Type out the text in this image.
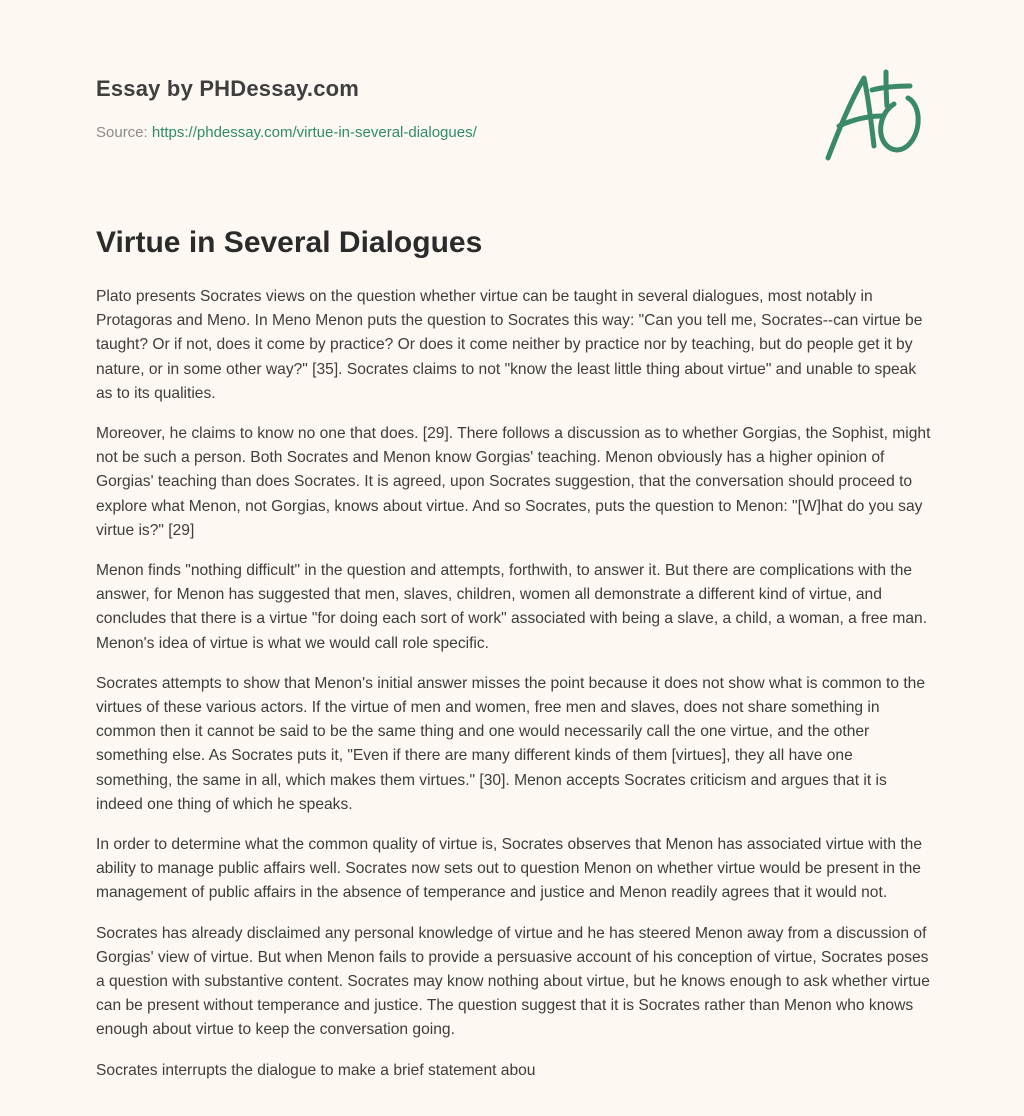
Essay by PHDessay.com
Source: https://phdessay.com/virtue-in-several-dialogues/
Virtue in Several Dialogues

Plato presents Socrates views on the question whether virtue can be taught in several dialogues, most notably in Protagoras and Meno. In Meno Menon puts the question to Socrates this way: "Can you tell me, Socrates--can virtue be taught? Or if not, does it come by practice? Or does it come neither by practice nor by teaching, but do people get it by nature, or in some other way?" [35]. Socrates claims to not "know the least little thing about virtue" and unable to speak as to its qualities.

Moreover, he claims to know no one that does. [29]. There follows a discussion as to whether Gorgias, the Sophist, might not be such a person. Both Socrates and Menon know Gorgias' teaching. Menon obviously has a higher opinion of Gorgias' teaching than does Socrates. It is agreed, upon Socrates suggestion, that the conversation should proceed to explore what Menon, not Gorgias, knows about virtue. And so Socrates, puts the question to Menon: "[W]hat do you say virtue is?" [29]

Menon finds "nothing difficult" in the question and attempts, forthwith, to answer it. But there are complications with the answer, for Menon has suggested that men, slaves, children, women all demonstrate a different kind of virtue, and concludes that there is a virtue "for doing each sort of work" associated with being a slave, a child, a woman, a free man. Menon's idea of virtue is what we would call role specific.

Socrates attempts to show that Menon's initial answer misses the point because it does not show what is common to the virtues of these various actors. If the virtue of men and women, free men and slaves, does not share something in common then it cannot be said to be the same thing and one would necessarily call the one virtue, and the other something else. As Socrates puts it, "Even if there are many different kinds of them [virtues], they all have one something, the same in all, which makes them virtues." [30]. Menon accepts Socrates criticism and argues that it is indeed one thing of which he speaks.

In order to determine what the common quality of virtue is, Socrates observes that Menon has associated virtue with the ability to manage public affairs well. Socrates now sets out to question Menon on whether virtue would be present in the management of public affairs in the absence of temperance and justice and Menon readily agrees that it would not.

Socrates has already disclaimed any personal knowledge of virtue and he has steered Menon away from a discussion of Gorgias' view of virtue. But when Menon fails to provide a persuasive account of his conception of virtue, Socrates poses a question with substantive content. Socrates may know nothing about virtue, but he knows enough to ask whether virtue can be present without temperance and justice. The question suggest that it is Socrates rather than Menon who knows enough about virtue to keep the conversation going.

Socrates interrupts the dialogue to make a brief statement abou
